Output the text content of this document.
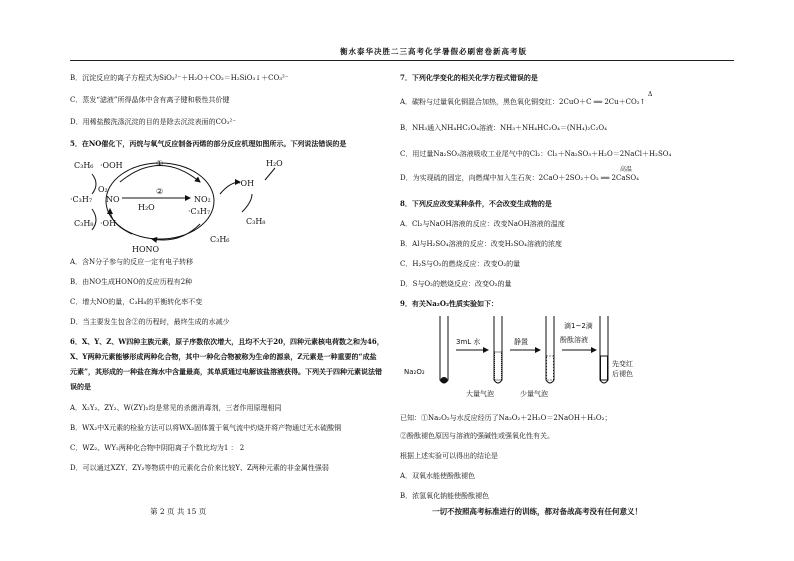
衡水泰华决胜二三高考化学暑假必刷密卷新高考版
B．沉淀反应的离子方程式为SiO₃²⁻＋H₂O＋CO₂＝H₂SiO₃↓＋CO₃²⁻
C．蒸发“滤液”所得晶体中含有离子键和极性共价键
D．用稀盐酸洗涤沉淀的目的是除去沉淀表面的CO₃²⁻
5．在NO催化下，丙烷与氧气反应制备丙烯的部分反应机理如图所示。下列说法错误的是
C₃H₆ ·OOH
O₂
·C₃H₇
C₃H₈ ·OH
NO
①
②
H₂O
NO₂
·C₃H₇
HONO
C₃H₆
·OH
H₂O
C₃H₈
A．含N分子参与的反应一定有电子转移
B．由NO生成HONO的反应历程有2种
C．增大NO的量，C₃H₈的平衡转化率不变
D．当主要发生包含②的历程时，最终生成的水减少
6．X、Y、Z、W四种主族元素，原子序数依次增大，且均不大于20，四种元素核电荷数之和为46，
X、Y两种元素能够形成两种化合物，其中一种化合物被称为生命的源泉，Z元素是一种重要的“成盐
元素”，其形成的一种盐在海水中含量最高，其单质通过电解该盐溶液获得。下列关于四种元素说法错
误的是
A．X₂Y₂、ZY₂、W(ZY)₂均是常见的杀菌消毒剂，三者作用原理相同
B．WX₂中X元素的检验方法可以将WX₂固体置于氧气流中灼烧并将产物通过无水硫酸铜
C．WZ₂、WY₂两种化合物中阴阳离子个数比均为1 ： 2
D．可以通过XZY、ZY₂等物质中的元素化合价来比较Y、Z两种元素的非金属性强弱
7．下列化学变化的相关化学方程式错误的是
A．碳粉与过量氧化铜混合加热，黑色氧化铜变红：2CuO＋C ══ 2Cu＋CO₂↑
Δ
B．NH₃通入NH₄HC₂O₄溶液：NH₃＋NH₄HC₂O₄＝(NH₄)₂C₂O₄
C．用过量Na₂SO₃溶液吸收工业尾气中的Cl₂：Cl₂＋Na₂SO₃＋H₂O＝2NaCl＋H₂SO₄
D．为实现硫的固定，向燃煤中加入生石灰：2CaO＋2SO₂＋O₂ ══ 2CaSO₄
高温
8．下列反应改变某种条件，不会改变生成物的是
A．Cl₂与NaOH溶液的反应：改变NaOH溶液的温度
B．Al与H₂SO₄溶液的反应：改变H₂SO₄溶液的浓度
C．H₂S与O₂的燃烧反应：改变O₂的量
D．S与O₂的燃烧反应：改变O₂的量
9．有关Na₂O₂性质实验如下：
Na₂O₂
3mL 水	静置
滴1~2滴
酚酞溶液
先变红
后褪色
大量气泡	少量气泡
已知：①Na₂O₂与水反应经历了Na₂O₂＋2H₂O＝2NaOH＋H₂O₂；
②酚酞褪色原因与溶液的强碱性或强氧化性有关。
根据上述实验可以得出的结论是
A．双氧水能使酚酞褪色
B．浓氢氧化钠能使酚酞褪色
第 2 页 共 15 页	一切不按照高考标准进行的训练，都对备战高考没有任何意义！
